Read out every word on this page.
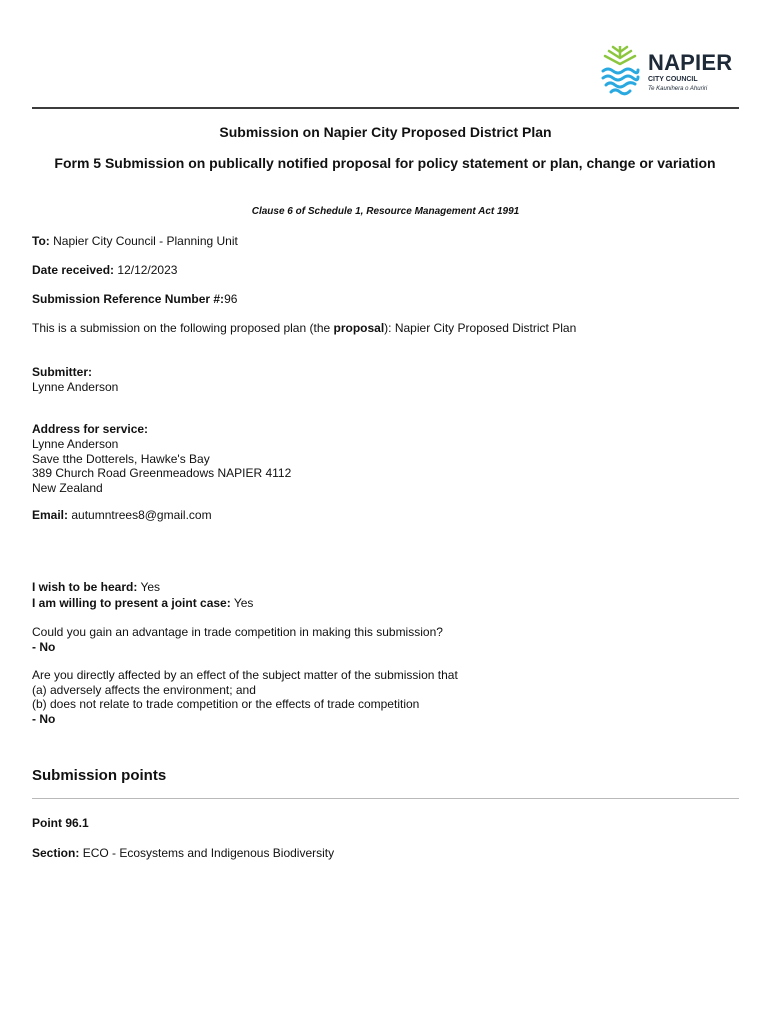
NAPIER
CITY COUNCIL
Te Kaunihera o Ahuriri
Submission on Napier City Proposed District Plan
Form 5 Submission on publically notified proposal for policy statement or plan, change or variation
Clause 6 of Schedule 1, Resource Management Act 1991
To: Napier City Council - Planning Unit
Date received: 12/12/2023
Submission Reference Number #:96
This is a submission on the following proposed plan (the proposal): Napier City Proposed District Plan
Submitter:
Lynne Anderson
Address for service:
Lynne Anderson
Save tthe Dotterels, Hawke's Bay
389 Church Road Greenmeadows NAPIER 4112
New Zealand
Email: autumntrees8@gmail.com
I wish to be heard: Yes
I am willing to present a joint case: Yes
Could you gain an advantage in trade competition in making this submission?
- No
Are you directly affected by an effect of the subject matter of the submission that
(a) adversely affects the environment; and
(b) does not relate to trade competition or the effects of trade competition
- No
Submission points
Point 96.1
Section: ECO - Ecosystems and Indigenous Biodiversity
